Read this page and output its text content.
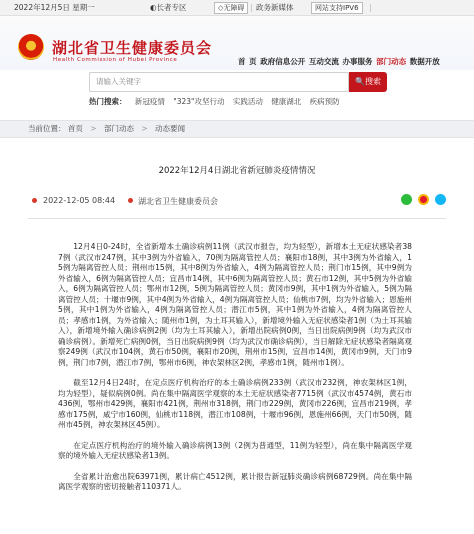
2022年12月5日 星期一	◐长者专区	◇无障碍	政务新媒体	网站支持IPV6
湖北省卫生健康委员会
Health Commission of Hubei Province	首 页 政府信息公开 互动交流 办事服务 部门动态 数据开放
请输入关键字	🔍搜索
热门搜索： 新冠疫情 "323"攻坚行动 实践活动 健康湖北 疾病预防
当前位置： 首页 > 部门动态 > 动态要闻
2022年12月4日湖北省新冠肺炎疫情情况
2022-12-05 08:44	湖北省卫生健康委员会

12月4日0-24时，全省新增本土确诊病例11例（武汉市报告，均为轻型），新增本土无症状感染者387例（武汉市247例，其中3例为外省输入，70例为隔离管控人员；襄阳市18例，其中3例为外省输入，15例为隔离管控人员；荆州市15例，其中8例为外省输入，4例为隔离管控人员；荆门市15例，其中9例为外省输入，6例为隔离管控人员；宜昌市14例，其中6例为隔离管控人员；黄石市12例，其中5例为外省输入，6例为隔离管控人员；鄂州市12例，5例为隔离管控人员；黄冈市9例，其中1例为外省输入，5例为隔离管控人员；十堰市9例，其中4例为外省输入，4例为隔离管控人员；仙桃市7例，均为外省输入；恩施州5例，其中1例为外省输入，4例为隔离管控人员；潜江市5例，其中1例为外省输入，4例为隔离管控人员；孝感市1例，为外省输入；随州市1例，为土耳其输入），新增境外输入无症状感染者1例（为土耳其输入），新增境外输入确诊病例2例（均为土耳其输入），新增出院病例0例，当日出院病例9例（均为武汉市确诊病例）。新增死亡病例0例，当日出院病例9例（均为武汉市确诊病例），当日解除无症状感染者隔离观察249例（武汉市104例，黄石市50例，襄阳市20例，荆州市15例，宜昌市14例，黄冈市9例，天门市9例，荆门市7例，潜江市7例，鄂州市6例，神农架林区2例，孝感市1例，随州市1例）。

截至12月4日24时，在定点医疗机构治疗的本土确诊病例233例（武汉市232例，神农架林区1例，均为轻型），疑似病例0例。尚在集中隔离医学观察的本土无症状感染者7715例（武汉市4574例，黄石市436例，鄂州市429例，襄阳市421例，荆州市318例，荆门市229例，黄冈市226例，宜昌市219例，孝感市175例，咸宁市160例，仙桃市118例，潜江市108例，十堰市96例，恩施州66例，天门市50例，随州市45例，神农架林区45例）。

在定点医疗机构治疗的境外输入确诊病例13例（2例为普通型，11例为轻型），尚在集中隔离医学观察的境外输入无症状感染者13例。

全省累计治愈出院63971例，累计病亡4512例，累计报告新冠肺炎确诊病例68729例。尚在集中隔离医学观察的密切接触者110371人。
